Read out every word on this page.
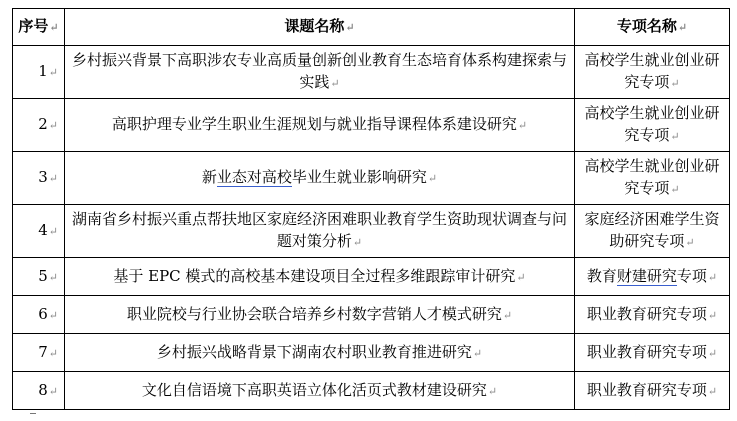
序号↵	课题名称↵	专项名称↵
1↵	乡村振兴背景下高职涉农专业高质量创新创业教育生态培育体系构建探索与实践↵	高校学生就业创业研究专项↵
2↵	高职护理专业学生职业生涯规划与就业指导课程体系建设研究↵	高校学生就业创业研究专项↵
3↵	新业态对高校毕业生就业影响研究↵	高校学生就业创业研究专项↵
4↵	湖南省乡村振兴重点帮扶地区家庭经济困难职业教育学生资助现状调查与问题对策分析↵	家庭经济困难学生资助研究专项↵
5↵	基于 EPC 模式的高校基本建设项目全过程多维跟踪审计研究↵	教育财建研究专项↵
6↵	职业院校与行业协会联合培养乡村数字营销人才模式研究↵	职业教育研究专项↵
7↵	乡村振兴战略背景下湖南农村职业教育推进研究↵	职业教育研究专项↵
8↵	文化自信语境下高职英语立体化活页式教材建设研究↵	职业教育研究专项↵
